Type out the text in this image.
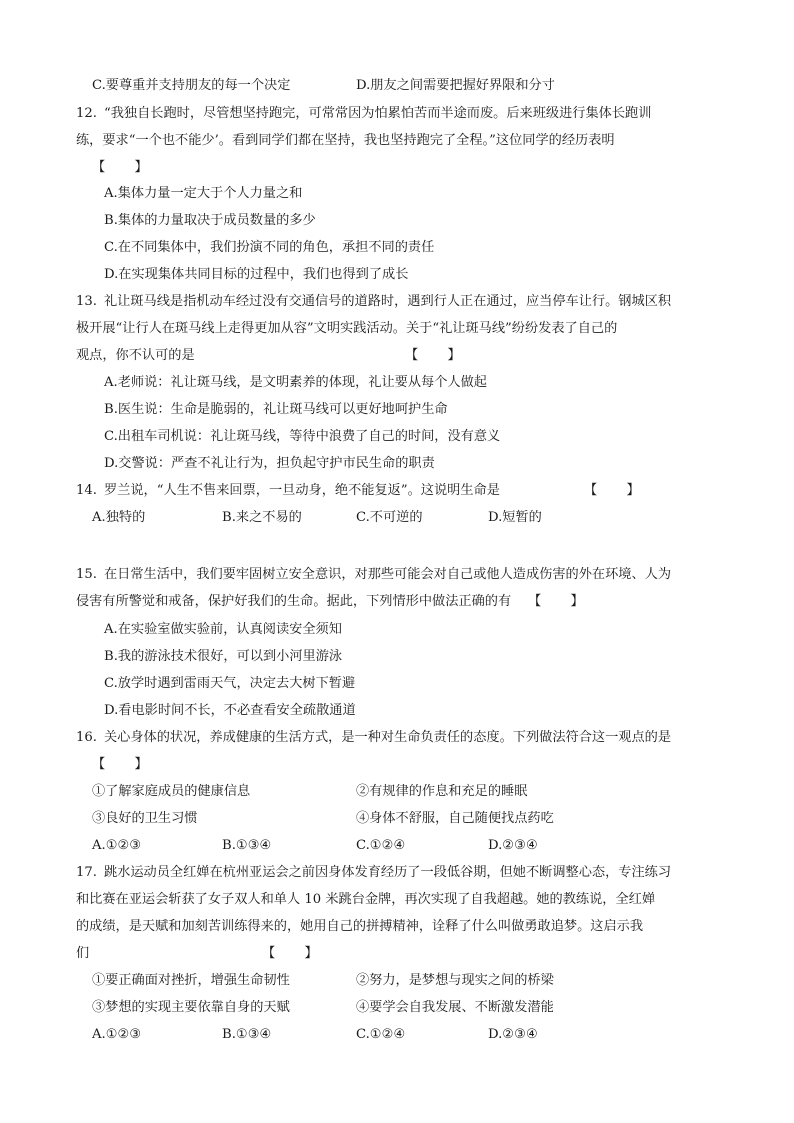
C.要尊重并支持朋友的每一个决定	D.朋友之间需要把握好界限和分寸
12. “我独自长跑时，尽管想坚持跑完，可常常因为怕累怕苦而半途而废。后来班级进行集体长跑训
练，要求“一个也不能少’。看到同学们都在坚持，我也坚持跑完了全程。”这位同学的经历表明
【　　】
A.集体力量一定大于个人力量之和
B.集体的力量取决于成员数量的多少
C.在不同集体中，我们扮演不同的角色，承担不同的责任
D.在实现集体共同目标的过程中，我们也得到了成长
13. 礼让斑马线是指机动车经过没有交通信号的道路时，遇到行人正在通过，应当停车让行。钢城区积
极开展“让行人在斑马线上走得更加从容”文明实践活动。关于“礼让斑马线”纷纷发表了自己的
观点，你不认可的是	【　　】
A.老师说：礼让斑马线，是文明素养的体现，礼让要从每个人做起
B.医生说：生命是脆弱的，礼让斑马线可以更好地呵护生命
C.出租车司机说：礼让斑马线，等待中浪费了自己的时间，没有意义
D.交警说：严查不礼让行为，担负起守护市民生命的职责
14. 罗兰说，“人生不售来回票，一旦动身，绝不能复返”。这说明生命是	【　　】
A.独特的	B.来之不易的	C.不可逆的	D.短暂的
15. 在日常生活中，我们要牢固树立安全意识，对那些可能会对自己或他人造成伤害的外在环境、人为
侵害有所警觉和戒备，保护好我们的生命。据此，下列情形中做法正确的有 【　　】
A.在实验室做实验前，认真阅读安全须知
B.我的游泳技术很好，可以到小河里游泳
C.放学时遇到雷雨天气，决定去大树下暂避
D.看电影时间不长，不必查看安全疏散通道
16. 关心身体的状况，养成健康的生活方式，是一种对生命负责任的态度。下列做法符合这一观点的是
【　　】
①了解家庭成员的健康信息	②有规律的作息和充足的睡眠
③良好的卫生习惯	④身体不舒服，自己随便找点药吃
A.①②③	B.①③④	C.①②④	D.②③④
17. 跳水运动员全红婵在杭州亚运会之前因身体发育经历了一段低谷期，但她不断调整心态，专注练习
和比赛在亚运会斩获了女子双人和单人 10 米跳台金牌，再次实现了自我超越。她的教练说，全红婵
的成绩，是天赋和加刻苦训练得来的，她用自己的拼搏精神，诠释了什么叫做勇敢追梦。这启示我
们	【　　】
①要正确面对挫折，增强生命韧性	②努力，是梦想与现实之间的桥梁
③梦想的实现主要依靠自身的天赋	④要学会自我发展、不断激发潜能
A.①②③	B.①③④	C.①②④	D.②③④
